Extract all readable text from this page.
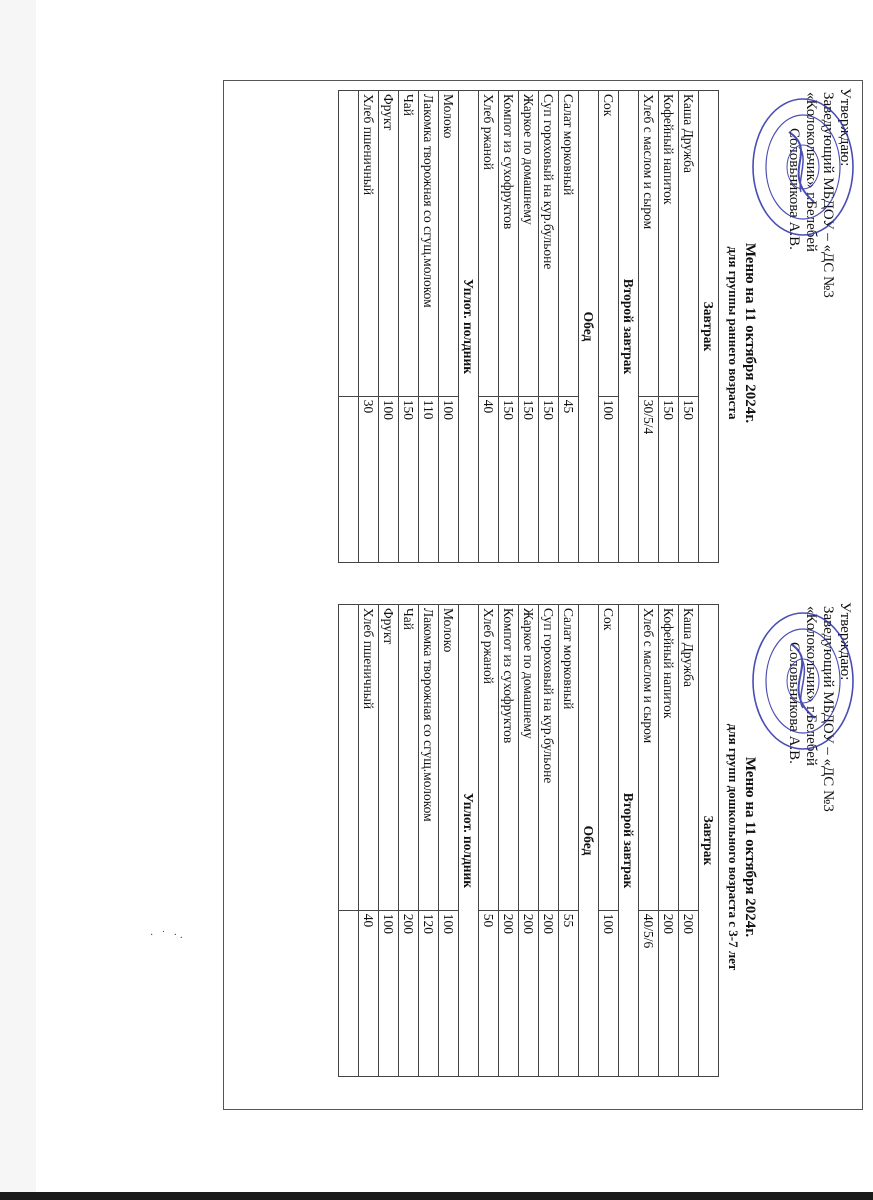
· ˙ ·.
Утверждаю:
Заведующий МБДОУ – «ДС №3
«Колокольчик» г.Белебей
Соловьникова А.В.
Меню на 11 октября 2024г.
для группы раннего возраста
Завтрак	
Каша Дружба	150
Кофейный напиток	150
Хлеб с маслом и сыром	30/5/4
Второй завтрак	
Сок	100
Обед	
Салат морковный	45
Суп гороховый на кур.бульоне	150
Жаркое по домашнему	150
Компот из сухофруктов	150
Хлеб ржаной	40
Уплот. полдник	
Молоко	100
Лакомка творожная со сгущ.молоком	110
Чай	150
Фрукт	100
Хлеб пшеничный	30

Утверждаю:
Заведующий МБДОУ – «ДС №3
«Колокольчик» г.Белебей
Соловьникова А.В.
Меню на 11 октября 2024г.
для групп дошкольного возраста с 3-7 лет
Завтрак	
Каша Дружба	200
Кофейный напиток	200
Хлеб с маслом и сыром	40/5/6
Второй завтрак	
Сок	100
Обед	
Салат морковный	55
Суп гороховый на кур.бульоне	200
Жаркое по домашнему	200
Компот из сухофруктов	200
Хлеб ржаной	50
Уплот. полдник	
Молоко	100
Лакомка творожная со сгущ.молоком	120
Чай	200
Фрукт	100
Хлеб пшеничный	40
